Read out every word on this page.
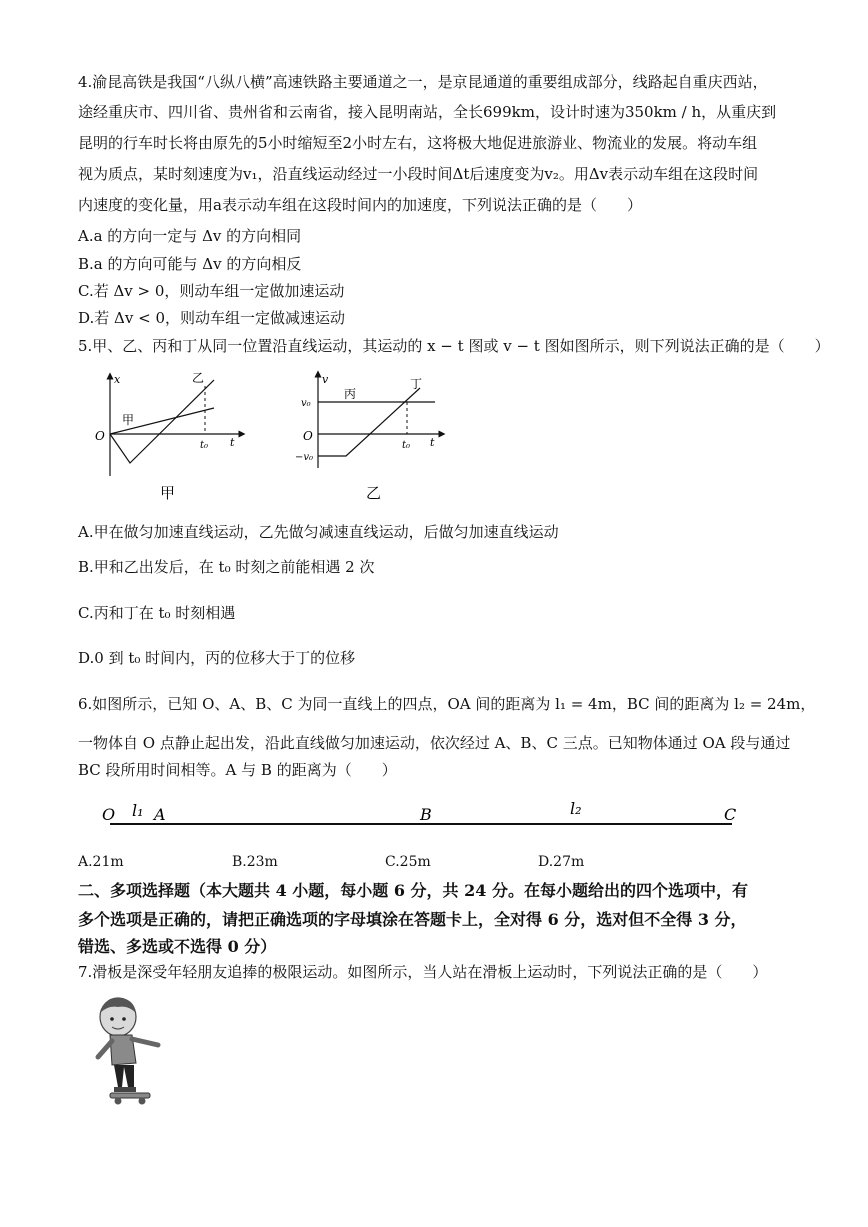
4.渝昆高铁是我国“八纵八横”高速铁路主要通道之一，是京昆通道的重要组成部分，线路起自重庆西站，
途经重庆市、四川省、贵州省和云南省，接入昆明南站，全长699km，设计时速为350km / h，从重庆到
昆明的行车时长将由原先的5小时缩短至2小时左右，这将极大地促进旅游业、物流业的发展。将动车组
视为质点，某时刻速度为v₁，沿直线运动经过一小段时间Δt后速度变为v₂。用Δv表示动车组在这段时间
内速度的变化量，用a表示动车组在这段时间内的加速度，下列说法正确的是（　　）
A.a 的方向一定与 Δv 的方向相同
B.a 的方向可能与 Δv 的方向相反
C.若 Δv > 0，则动车组一定做加速运动
D.若 Δv < 0，则动车组一定做减速运动
5.甲、乙、丙和丁从同一位置沿直线运动，其运动的 x − t 图或 v − t 图如图所示，则下列说法正确的是（　　）
x
t
O
t₀
甲
乙
甲
v
t
O
v₀
−v₀
t₀
丙
丁
乙
A.甲在做匀加速直线运动，乙先做匀减速直线运动，后做匀加速直线运动
B.甲和乙出发后，在 t₀ 时刻之前能相遇 2 次
C.丙和丁在 t₀ 时刻相遇
D.0 到 t₀ 时间内，丙的位移大于丁的位移
6.如图所示，已知 O、A、B、C 为同一直线上的四点，OA 间的距离为 l₁ = 4m，BC 间的距离为 l₂ = 24m，
一物体自 O 点静止起出发，沿此直线做匀加速运动，依次经过 A、B、C 三点。已知物体通过 OA 段与通过
BC 段所用时间相等。A 与 B 的距离为（　　）
O l₁ A	B	l₂	C
A.21m	B.23m	C.25m	D.27m
二、多项选择题（本大题共 4 小题，每小题 6 分，共 24 分。在每小题给出的四个选项中，有
多个选项是正确的，请把正确选项的字母填涂在答题卡上，全对得 6 分，选对但不全得 3 分，
错选、多选或不选得 0 分）
7.滑板是深受年轻朋友追捧的极限运动。如图所示，当人站在滑板上运动时，下列说法正确的是（　　）
